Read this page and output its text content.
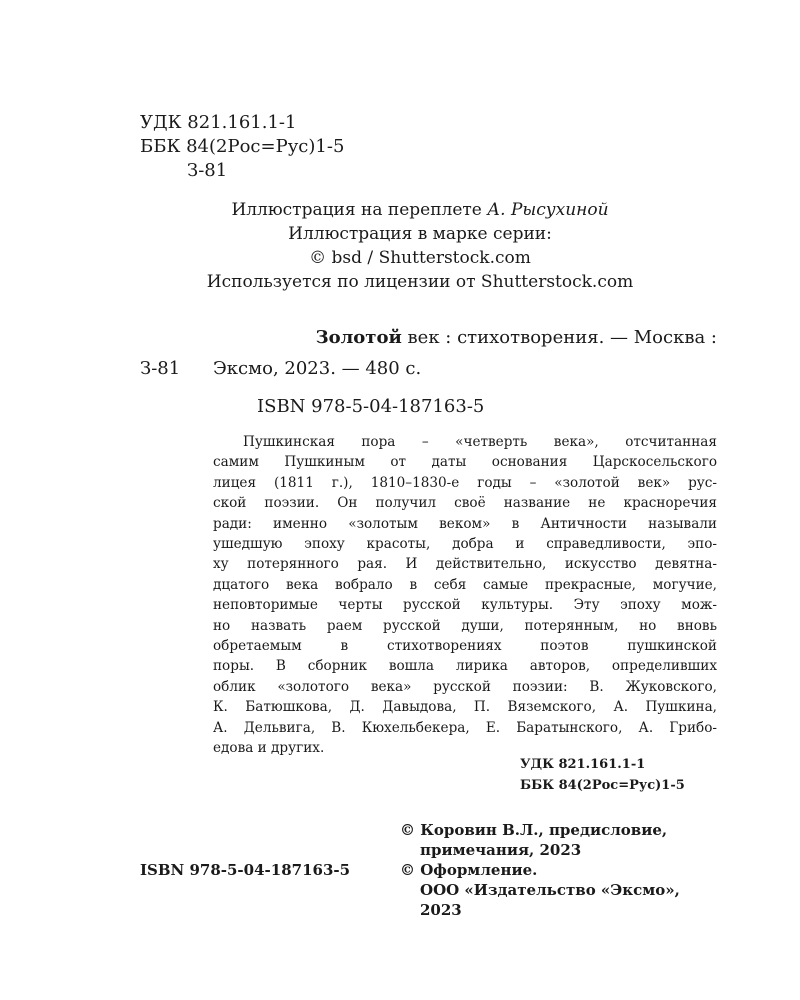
УДК 821.161.1-1
ББК 84(2Рос=Рус)1-5
З-81
Иллюстрация на переплете А. Рысухиной
Иллюстрация в марке серии:
© bsd / Shutterstock.com
Используется по лицензии от Shutterstock.com
Золотой век : стихотворения. — Москва :
З-81 Эксмо, 2023. — 480 с.
ISBN 978-5-04-187163-5
Пушкинская пора – «четверть века», отсчитанная
самим Пушкиным от даты основания Царскосельского
лицея (1811 г.), 1810–1830-е годы – «золотой век» рус-
ской поэзии. Он получил своё название не красноречия
ради: именно «золотым веком» в Античности называли
ушедшую эпоху красоты, добра и справедливости, эпо-
ху потерянного рая. И действительно, искусство девятна-
дцатого века вобрало в себя самые прекрасные, могучие,
неповторимые черты русской культуры. Эту эпоху мож-
но назвать раем русской души, потерянным, но вновь
обретаемым в стихотворениях поэтов пушкинской
поры. В сборник вошла лирика авторов, определивших
облик «золотого века» русской поэзии: В. Жуковского,
К. Батюшкова, Д. Давыдова, П. Вяземского, А. Пушкина,
А. Дельвига, В. Кюхельбекера, Е. Баратынского, А. Грибо-
едова и других.
УДК 821.161.1-1
ББК 84(2Рос=Рус)1-5
© Коровин В.Л., предисловие,
примечания, 2023
© Оформление.
ООО «Издательство «Эксмо»,
2023
ISBN 978-5-04-187163-5
